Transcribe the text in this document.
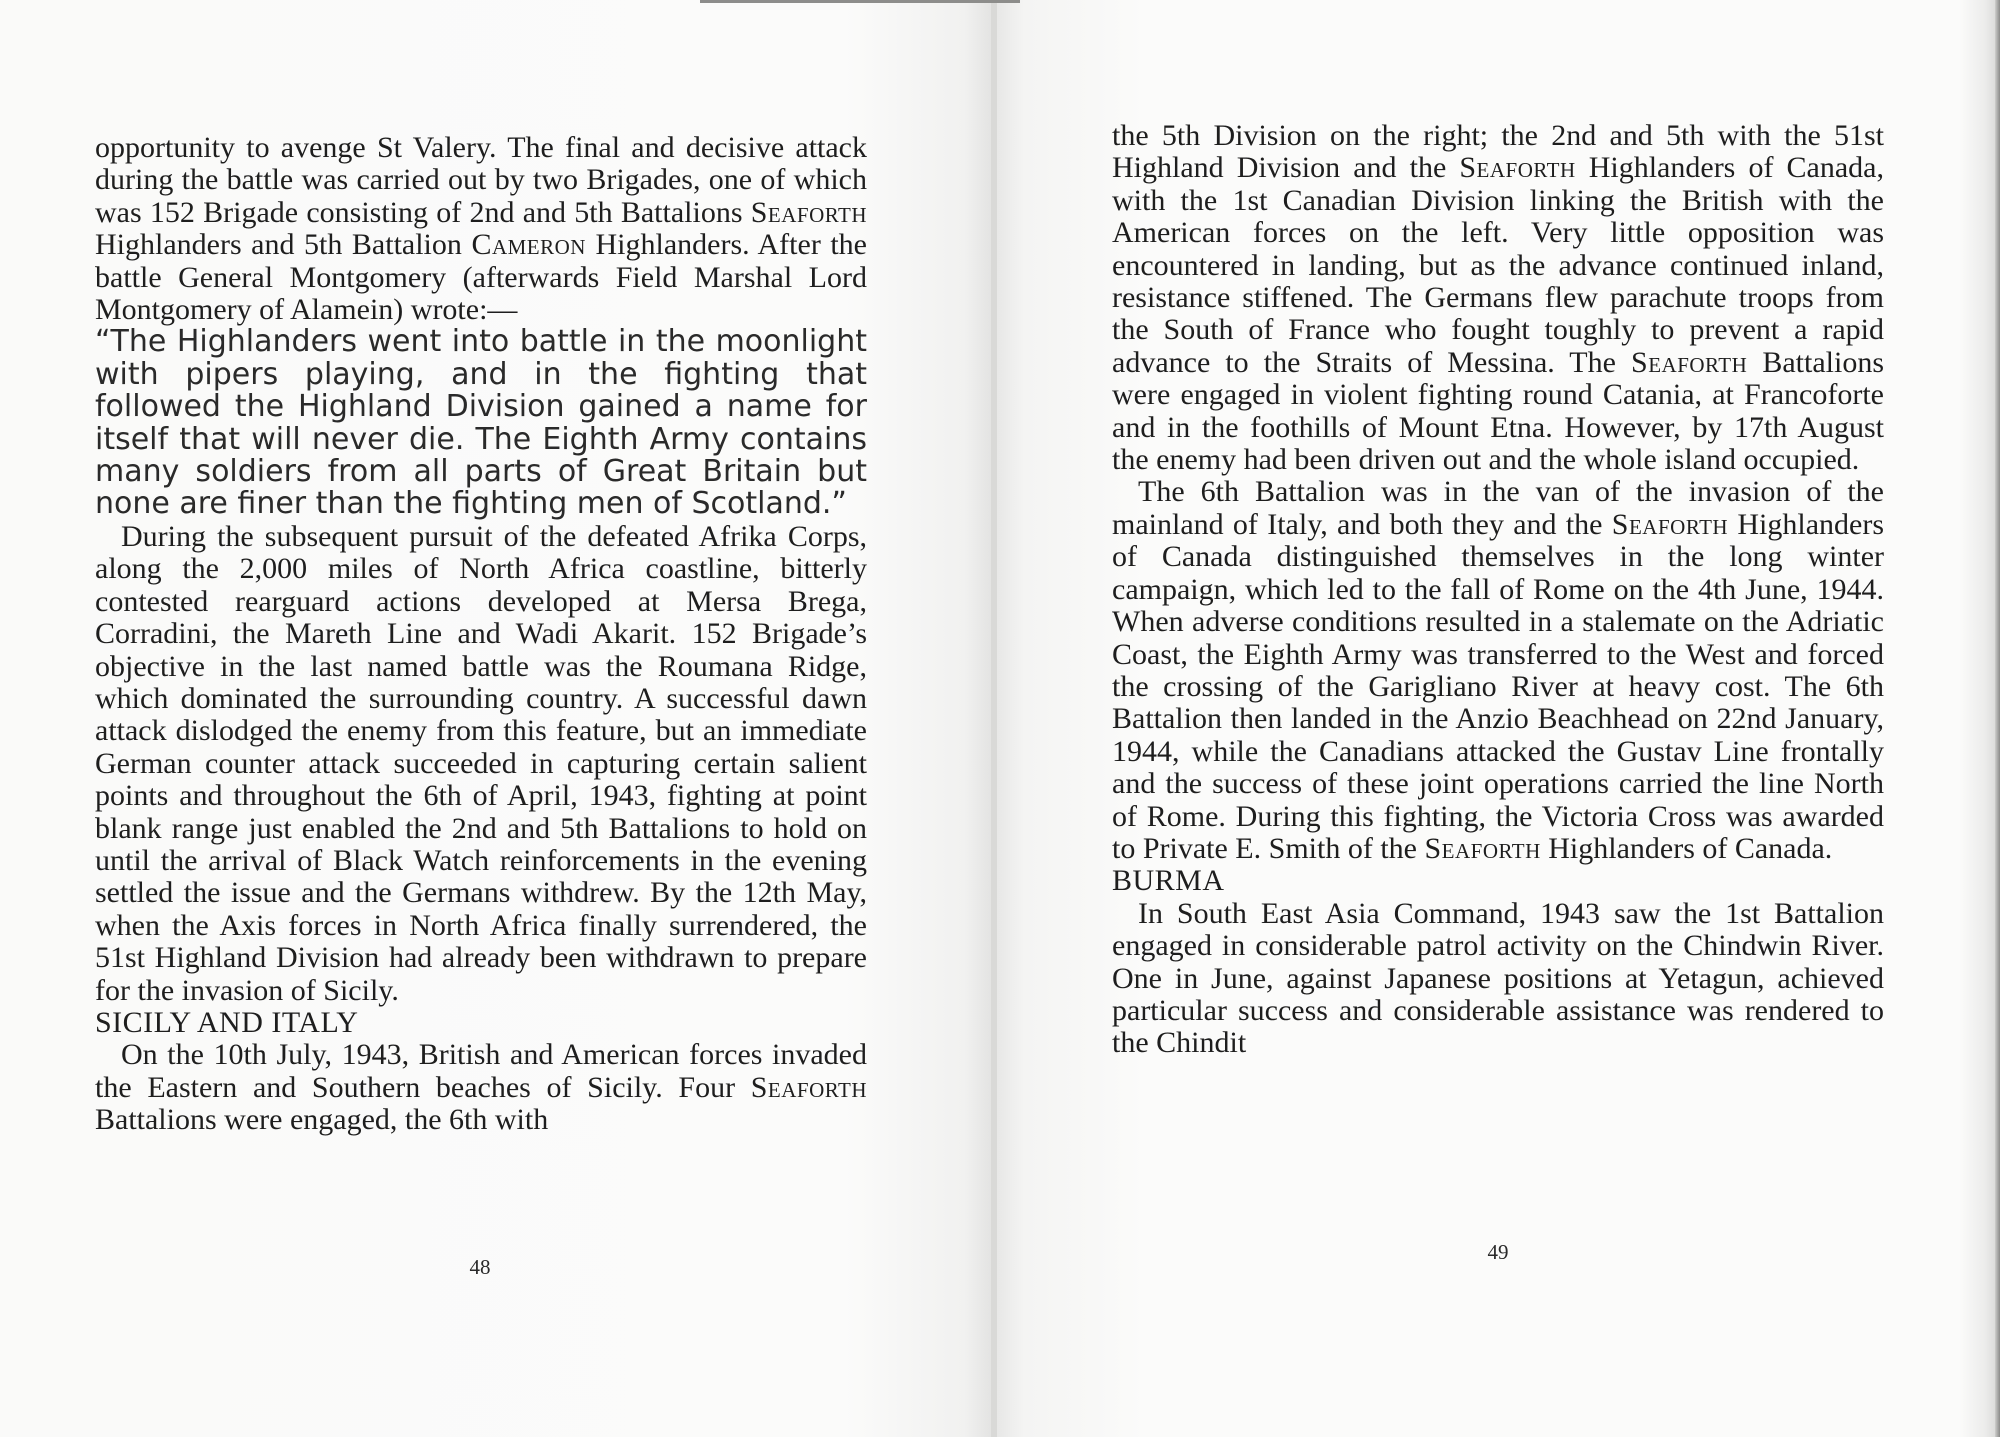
opportunity to avenge St Valery. The final and decisive attack during the battle was carried out by two Brigades, one of which was 152 Brigade consisting of 2nd and 5th Battalions Seaforth Highlanders and 5th Battalion Cameron Highlanders. After the battle General Montgomery (afterwards Field Marshal Lord Montgomery of Alamein) wrote:—

“The Highlanders went into battle in the moonlight with pipers playing, and in the fighting that followed the Highland Division gained a name for itself that will never die. The Eighth Army contains many soldiers from all parts of Great Britain but none are finer than the fighting men of Scotland.”

During the subsequent pursuit of the defeated Afrika Corps, along the 2,000 miles of North Africa coastline, bitterly contested rearguard actions developed at Mersa Brega, Corradini, the Mareth Line and Wadi Akarit. 152 Brigade’s objective in the last named battle was the Roumana Ridge, which dominated the surrounding country. A successful dawn attack dislodged the enemy from this feature, but an immediate German counter attack succeeded in capturing certain salient points and throughout the 6th of April, 1943, fighting at point blank range just enabled the 2nd and 5th Battalions to hold on until the arrival of Black Watch reinforcements in the evening settled the issue and the Germans withdrew. By the 12th May, when the Axis forces in North Africa finally surrendered, the 51st Highland Division had already been withdrawn to prepare for the invasion of Sicily.

SICILY AND ITALY

On the 10th July, 1943, British and American forces invaded the Eastern and Southern beaches of Sicily. Four Seaforth Battalions were engaged, the 6th with

48

the 5th Division on the right; the 2nd and 5th with the 51st Highland Division and the Seaforth Highlanders of Canada, with the 1st Canadian Division linking the British with the American forces on the left. Very little opposition was encountered in landing, but as the advance continued inland, resistance stiffened. The Germans flew parachute troops from the South of France who fought toughly to prevent a rapid advance to the Straits of Messina. The Seaforth Battalions were engaged in violent fighting round Catania, at Francoforte and in the foothills of Mount Etna. However, by 17th August the enemy had been driven out and the whole island occupied.

The 6th Battalion was in the van of the invasion of the mainland of Italy, and both they and the Seaforth Highlanders of Canada distinguished themselves in the long winter campaign, which led to the fall of Rome on the 4th June, 1944. When adverse conditions resulted in a stalemate on the Adriatic Coast, the Eighth Army was transferred to the West and forced the crossing of the Garigliano River at heavy cost. The 6th Battalion then landed in the Anzio Beachhead on 22nd January, 1944, while the Canadians attacked the Gustav Line frontally and the success of these joint operations carried the line North of Rome. During this fighting, the Victoria Cross was awarded to Private E. Smith of the Seaforth Highlanders of Canada.

BURMA

In South East Asia Command, 1943 saw the 1st Battalion engaged in considerable patrol activity on the Chindwin River. One in June, against Japanese positions at Yetagun, achieved particular success and considerable assistance was rendered to the Chindit

49
